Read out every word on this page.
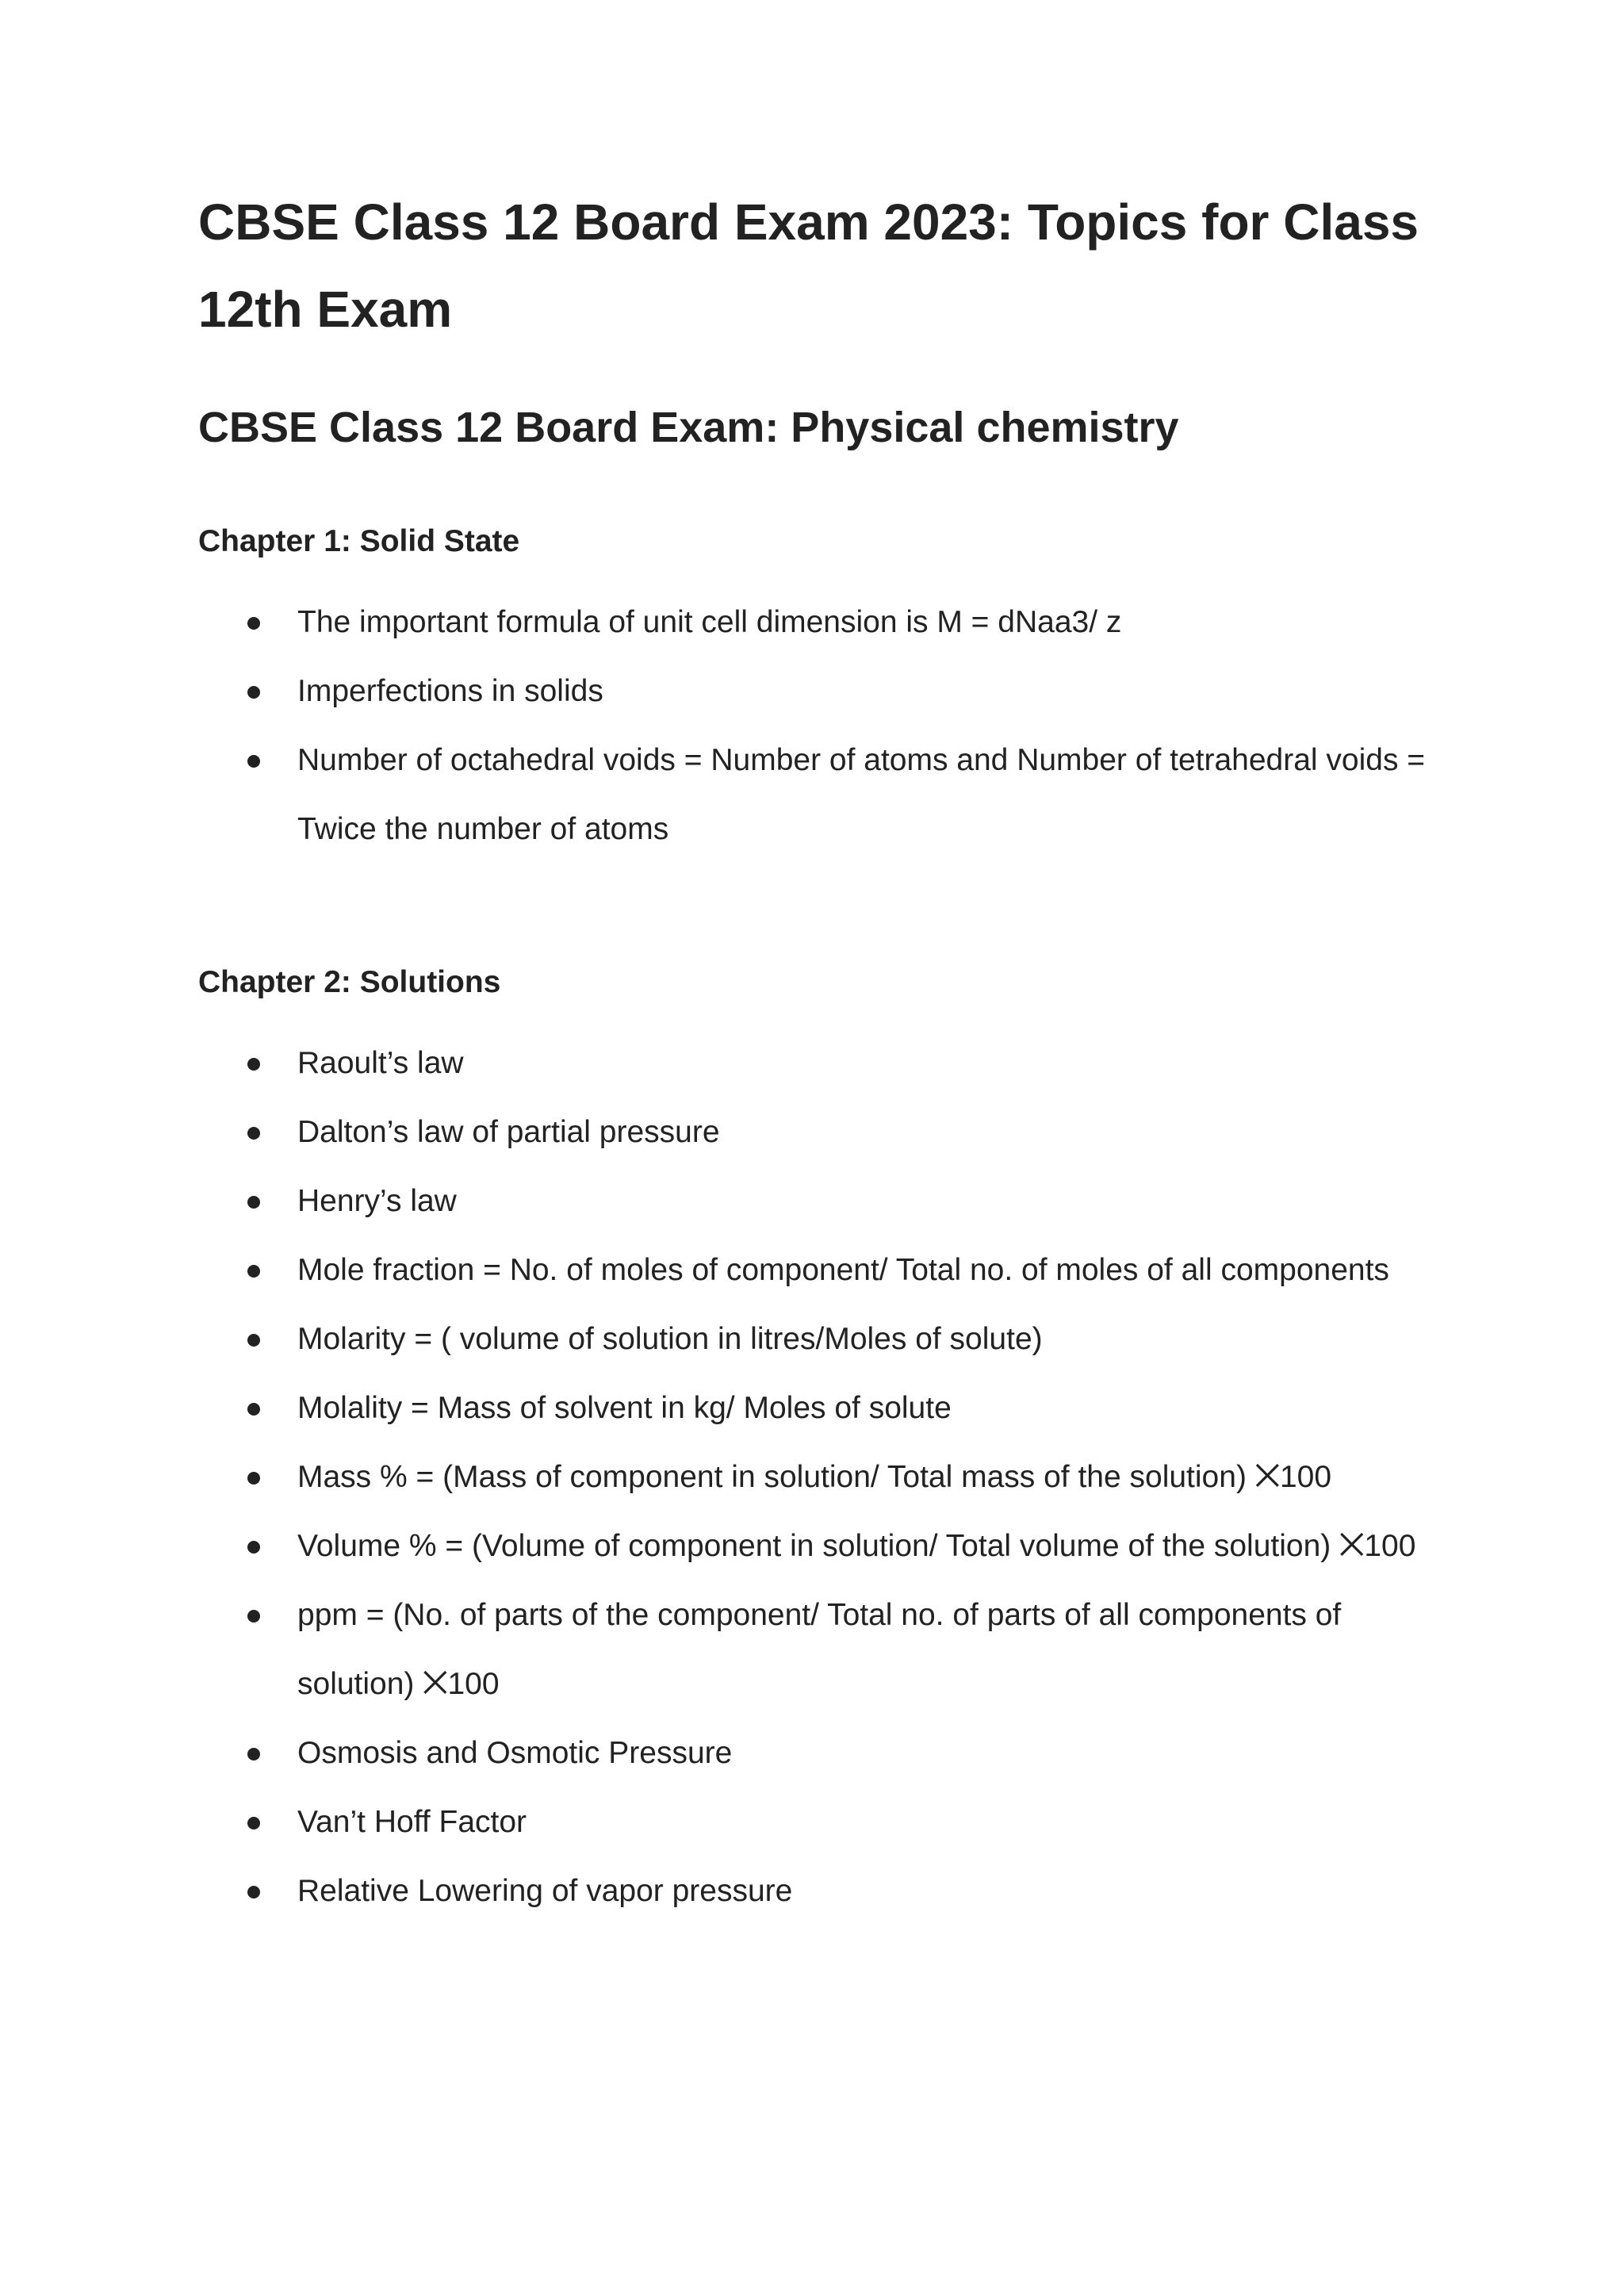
CBSE Class 12 Board Exam 2023: Topics for Class 12th Exam
CBSE Class 12 Board Exam: Physical chemistry
Chapter 1: Solid State
The important formula of unit cell dimension is M = dNaa3/ z
Imperfections in solids
Number of octahedral voids = Number of atoms and Number of tetrahedral voids = Twice the number of atoms
Chapter 2: Solutions
Raoult’s law
Dalton’s law of partial pressure
Henry’s law
Mole fraction = No. of moles of component/ Total no. of moles of all components
Molarity = ( volume of solution in litres/Moles of solute)
Molality = Mass of solvent in kg/ Moles of solute
Mass % = (Mass of component in solution/ Total mass of the solution) ⨉100
Volume % = (Volume of component in solution/ Total volume of the solution) ⨉100
ppm = (No. of parts of the component/ Total no. of parts of all components of solution) ⨉100
Osmosis and Osmotic Pressure
Van’t Hoff Factor
Relative Lowering of vapor pressure
